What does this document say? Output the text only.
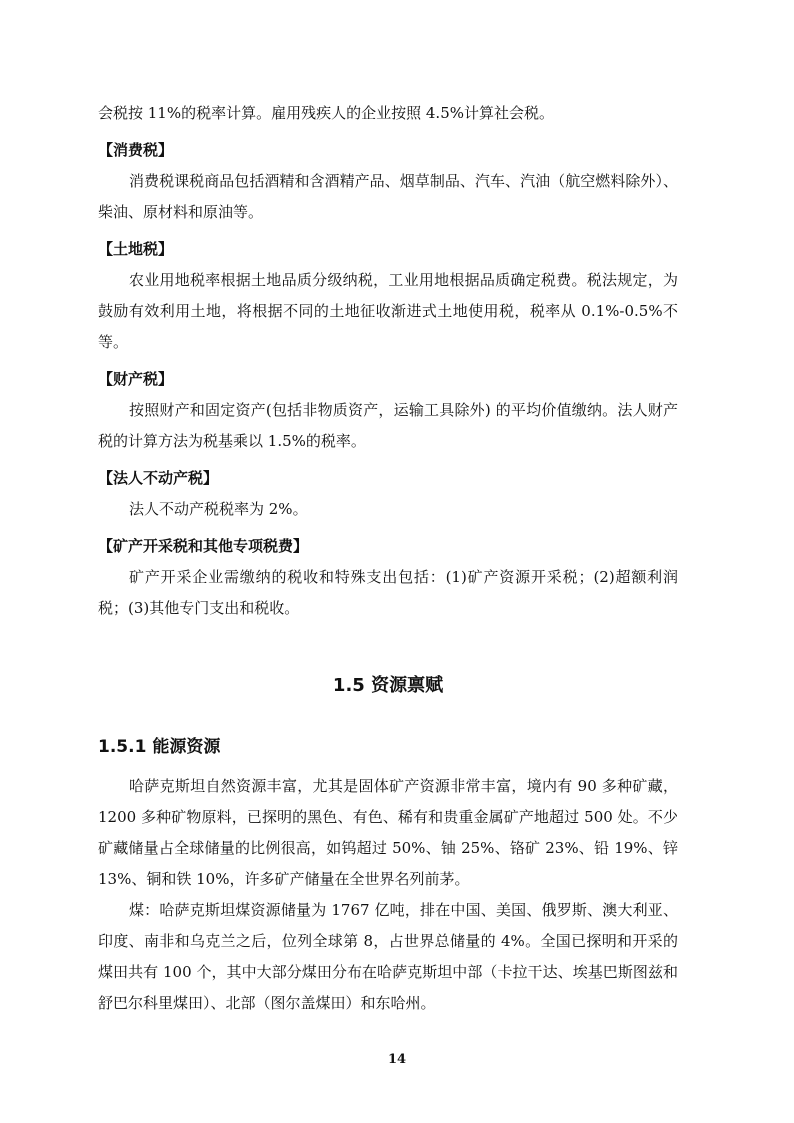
会税按 11%的税率计算。雇用残疾人的企业按照 4.5%计算社会税。

【消费税】

消费税课税商品包括酒精和含酒精产品、烟草制品、汽车、汽油（航空燃料除外）、柴油、原材料和原油等。

【土地税】

农业用地税率根据土地品质分级纳税，工业用地根据品质确定税费。税法规定，为鼓励有效利用土地，将根据不同的土地征收渐进式土地使用税，税率从 0.1%-0.5%不等。

【财产税】

按照财产和固定资产(包括非物质资产，运输工具除外) 的平均价值缴纳。法人财产税的计算方法为税基乘以 1.5%的税率。

【法人不动产税】

法人不动产税税率为 2%。

【矿产开采税和其他专项税费】

矿产开采企业需缴纳的税收和特殊支出包括：(1)矿产资源开采税；(2)超额利润税；(3)其他专门支出和税收。

1.5 资源禀赋
1.5.1 能源资源

哈萨克斯坦自然资源丰富，尤其是固体矿产资源非常丰富，境内有 90 多种矿藏，1200 多种矿物原料，已探明的黑色、有色、稀有和贵重金属矿产地超过 500 处。不少矿藏储量占全球储量的比例很高，如钨超过 50%、铀 25%、铬矿 23%、铅 19%、锌 13%、铜和铁 10%，许多矿产储量在全世界名列前茅。

煤：哈萨克斯坦煤资源储量为 1767 亿吨，排在中国、美国、俄罗斯、澳大利亚、印度、南非和乌克兰之后，位列全球第 8，占世界总储量的 4%。全国已探明和开采的煤田共有 100 个，其中大部分煤田分布在哈萨克斯坦中部（卡拉干达、埃基巴斯图兹和舒巴尔科里煤田）、北部（图尔盖煤田）和东哈州。

14
